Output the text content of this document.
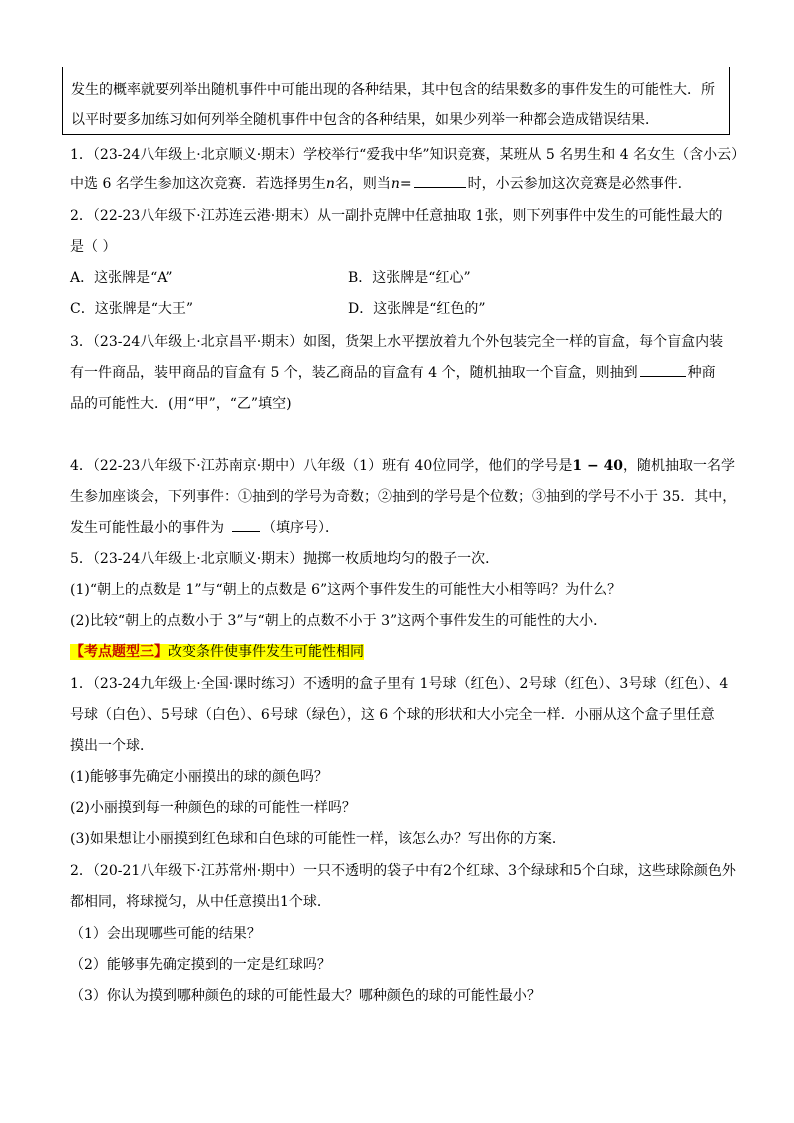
发生的概率就要列举出随机事件中可能出现的各种结果，其中包含的结果数多的事件发生的可能性大．所
以平时要多加练习如何列举全随机事件中包含的各种结果，如果少列举一种都会造成错误结果．
1．（23-24八年级上·北京顺义·期末）学校举行“爱我中华”知识竞赛，某班从 5 名男生和 4 名女生（含小云）
中选 6 名学生参加这次竞赛．若选择男生n名，则当n=	时，小云参加这次竞赛是必然事件．
2．（22-23八年级下·江苏连云港·期末）从一副扑克牌中任意抽取 1张，则下列事件中发生的可能性最大的
是（ ）
A．这张牌是“A”	B．这张牌是“红心”
C．这张牌是“大王”	D．这张牌是“红色的”
3．（23-24八年级上·北京昌平·期末）如图，货架上水平摆放着九个外包装完全一样的盲盒，每个盲盒内装
有一件商品，装甲商品的盲盒有 5 个，装乙商品的盲盒有 4 个，随机抽取一个盲盒，则抽到	种商
品的可能性大．(用“甲”，“乙”填空)
4．（22-23八年级下·江苏南京·期中）八年级（1）班有 40位同学，他们的学号是1 − 40，随机抽取一名学
生参加座谈会，下列事件：①抽到的学号为奇数；②抽到的学号是个位数；③抽到的学号不小于 35．其中，
发生可能性最小的事件为	（填序号）．
5．（23-24八年级上·北京顺义·期末）抛掷一枚质地均匀的骰子一次．
(1)“朝上的点数是 1”与“朝上的点数是 6”这两个事件发生的可能性大小相等吗？为什么？
(2)比较“朝上的点数小于 3”与“朝上的点数不小于 3”这两个事件发生的可能性的大小．
【考点题型三】改变条件使事件发生可能性相同
1．（23-24九年级上·全国·课时练习）不透明的盒子里有 1号球（红色）、2号球（红色）、3号球（红色）、4
号球（白色）、5号球（白色）、6号球（绿色），这 6 个球的形状和大小完全一样．小丽从这个盒子里任意
摸出一个球．
(1)能够事先确定小丽摸出的球的颜色吗？
(2)小丽摸到每一种颜色的球的可能性一样吗？
(3)如果想让小丽摸到红色球和白色球的可能性一样，该怎么办？写出你的方案．
2．（20-21八年级下·江苏常州·期中）一只不透明的袋子中有2个红球、3个绿球和5个白球，这些球除颜色外
都相同，将球搅匀，从中任意摸出1个球．
（1）会出现哪些可能的结果？
（2）能够事先确定摸到的一定是红球吗？
（3）你认为摸到哪种颜色的球的可能性最大？哪种颜色的球的可能性最小？
